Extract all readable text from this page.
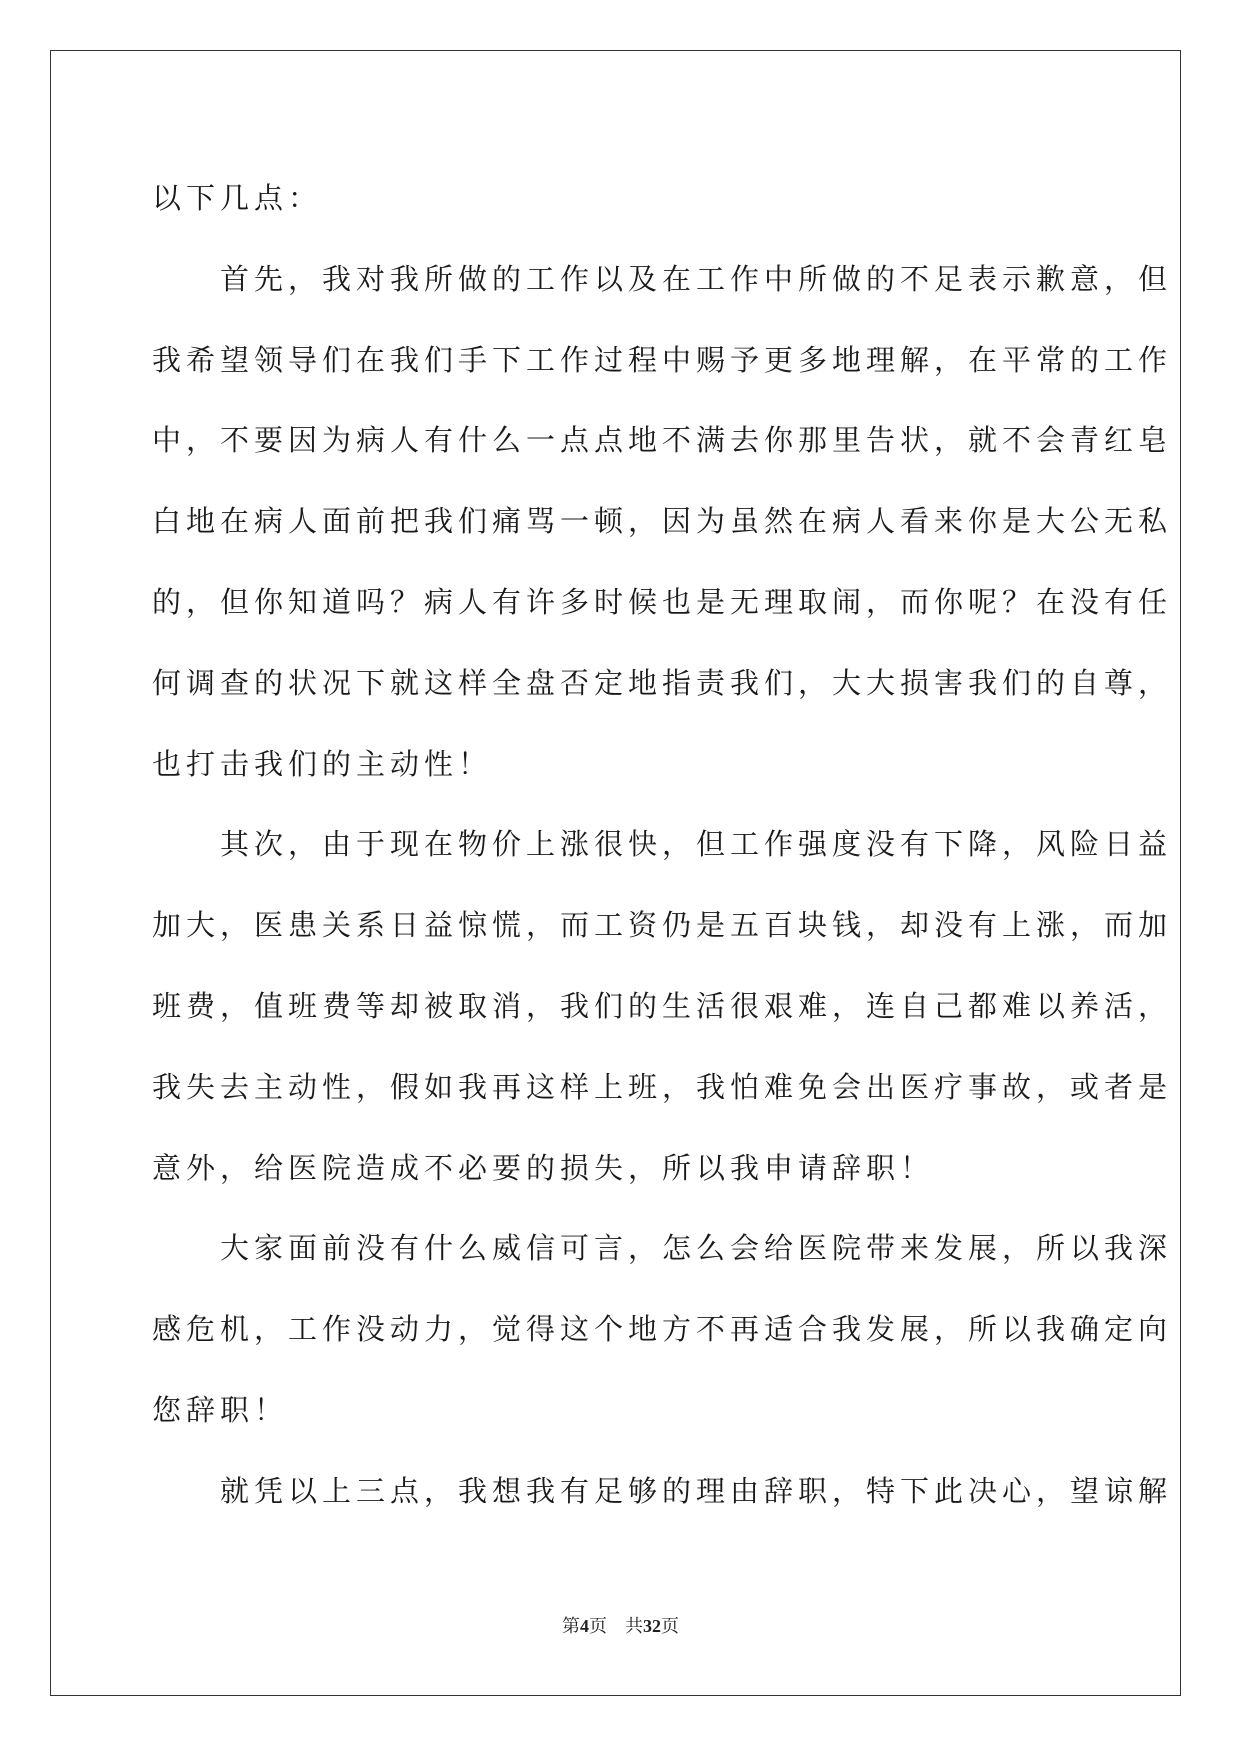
以下几点：
　　首先，我对我所做的工作以及在工作中所做的不足表示歉意，但
我希望领导们在我们手下工作过程中赐予更多地理解，在平常的工作
中，不要因为病人有什么一点点地不满去你那里告状，就不会青红皂
白地在病人面前把我们痛骂一顿，因为虽然在病人看来你是大公无私
的，但你知道吗？病人有许多时候也是无理取闹，而你呢？在没有任
何调查的状况下就这样全盘否定地指责我们，大大损害我们的自尊，
也打击我们的主动性！
　　其次，由于现在物价上涨很快，但工作强度没有下降，风险日益
加大，医患关系日益惊慌，而工资仍是五百块钱，却没有上涨，而加
班费，值班费等却被取消，我们的生活很艰难，连自己都难以养活，
我失去主动性，假如我再这样上班，我怕难免会出医疗事故，或者是
意外，给医院造成不必要的损失，所以我申请辞职！
　　大家面前没有什么威信可言，怎么会给医院带来发展，所以我深
感危机，工作没动力，觉得这个地方不再适合我发展，所以我确定向
您辞职！
　　就凭以上三点，我想我有足够的理由辞职，特下此决心，望谅解
第4页 共32页
